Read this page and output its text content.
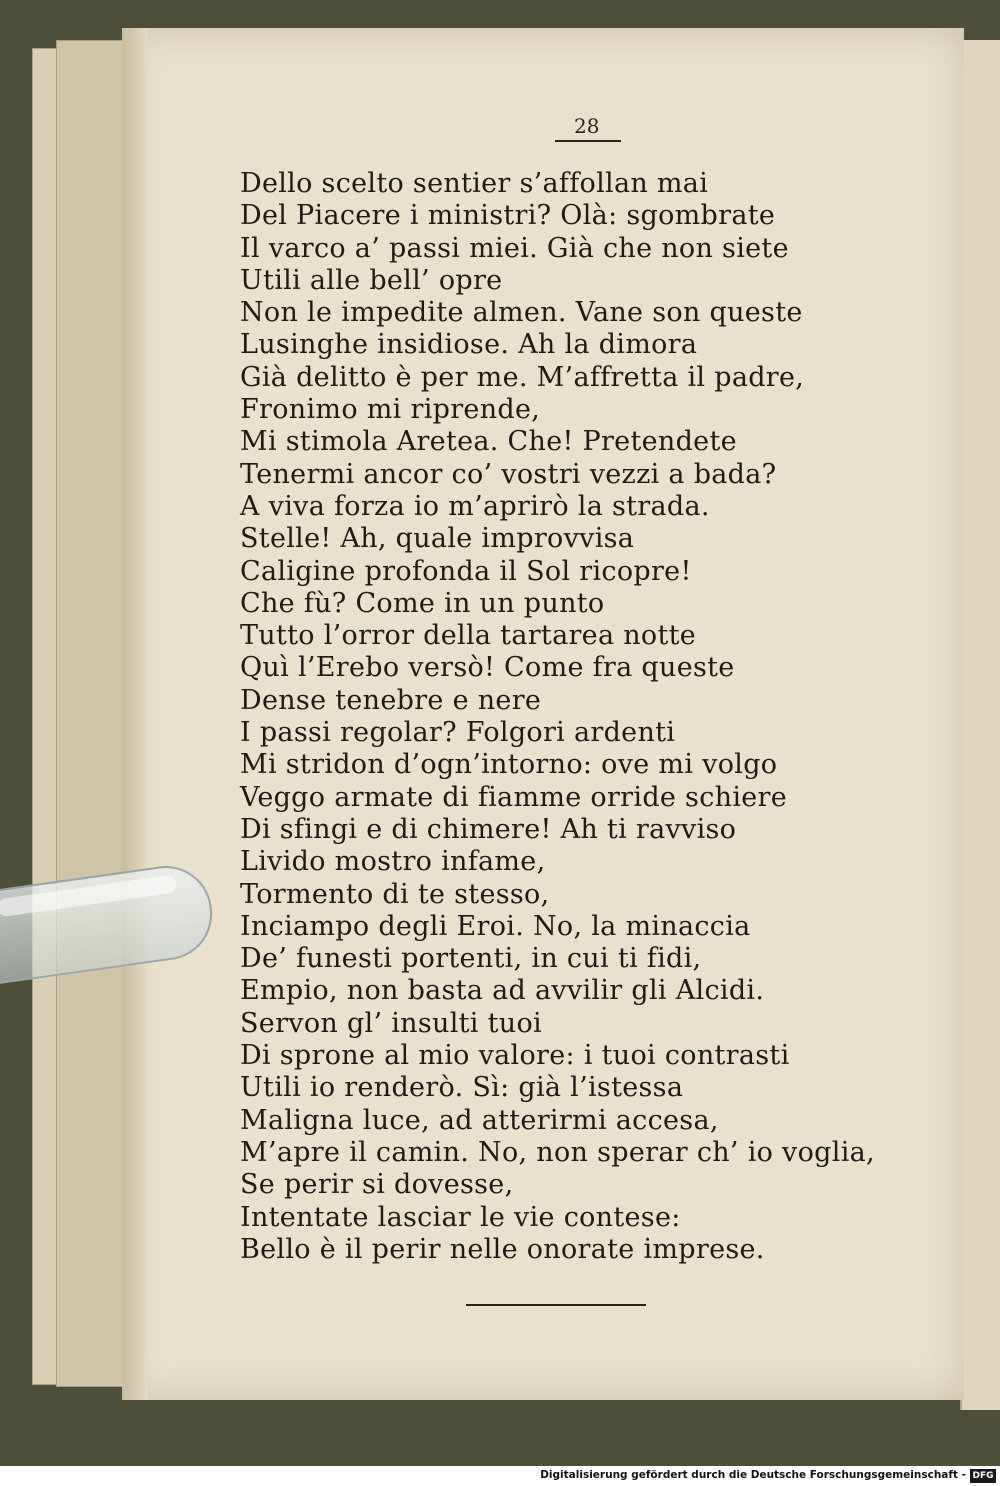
28
Dello scelto sentier s’affollan mai
Del Piacere i ministri? Olà: sgombrate
Il varco a’ passi miei. Già che non siete
Utili alle bell’ opre
Non le impedite almen. Vane son queste
Lusinghe insidiose. Ah la dimora
Già delitto è per me. M’affretta il padre,
Fronimo mi riprende,
Mi stimola Aretea. Che! Pretendete
Tenermi ancor co’ vostri vezzi a bada?
A viva forza io m’aprirò la strada.
Stelle! Ah, quale improvvisa
Caligine profonda il Sol ricopre!
Che fù? Come in un punto
Tutto l’orror della tartarea notte
Quì l’Erebo versò! Come fra queste
Dense tenebre e nere
I passi regolar? Folgori ardenti
Mi stridon d’ogn’intorno: ove mi volgo
Veggo armate di fiamme orride schiere
Di sfingi e di chimere! Ah ti ravviso
Livido mostro infame,
Tormento di te stesso,
Inciampo degli Eroi. No, la minaccia
De’ funesti portenti, in cui ti fidi,
Empio, non basta ad avvilir gli Alcidi.
Servon gl’ insulti tuoi
Di sprone al mio valore: i tuoi contrasti
Utili io renderò. Sì: già l’istessa
Maligna luce, ad atterirmi accesa,
M’apre il camin. No, non sperar ch’ io voglia,
Se perir si dovesse,
Intentate lasciar le vie contese:
Bello è il perir nelle onorate imprese.
Digitalisierung gefördert durch die Deutsche Forschungsgemeinschaft - DFG
